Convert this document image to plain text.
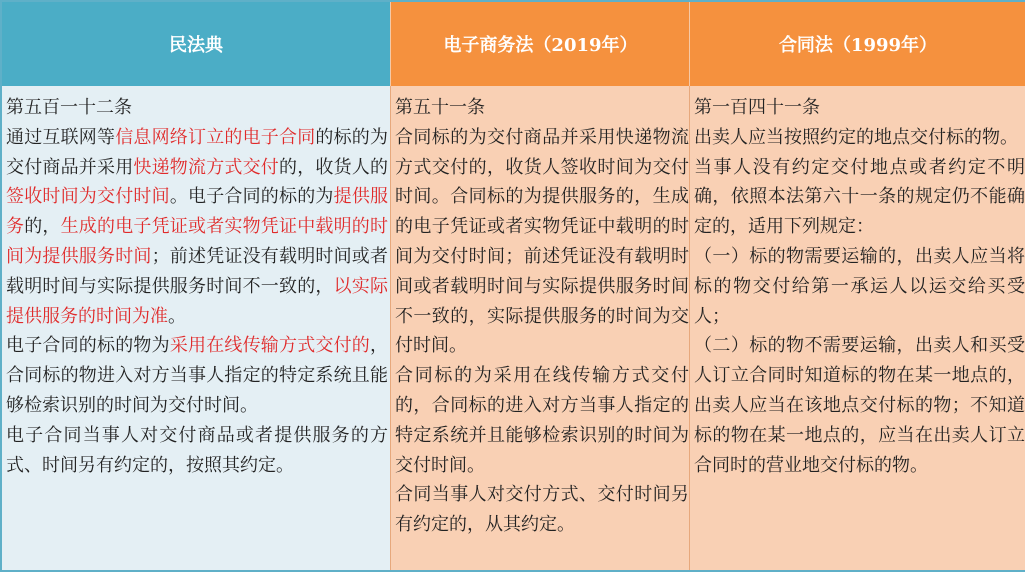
民法典	电子商务法（2019年）	合同法（1999年）
第五百一十二条
通过互联网等信息网络订立的电子合同的标的为交付商品并采用快递物流方式交付的，收货人的签收时间为交付时间。电子合同的标的为提供服务的，生成的电子凭证或者实物凭证中载明的时间为提供服务时间；前述凭证没有载明时间或者载明时间与实际提供服务时间不一致的，以实际提供服务的时间为准。
电子合同的标的物为采用在线传输方式交付的，合同标的物进入对方当事人指定的特定系统且能够检索识别的时间为交付时间。
电子合同当事人对交付商品或者提供服务的方式、时间另有约定的，按照其约定。
第五十一条
合同标的为交付商品并采用快递物流方式交付的，收货人签收时间为交付时间。合同标的为提供服务的，生成的电子凭证或者实物凭证中载明的时间为交付时间；前述凭证没有载明时间或者载明时间与实际提供服务时间不一致的，实际提供服务的时间为交付时间。
合同标的为采用在线传输方式交付的，合同标的进入对方当事人指定的特定系统并且能够检索识别的时间为交付时间。
合同当事人对交付方式、交付时间另有约定的，从其约定。
第一百四十一条
出卖人应当按照约定的地点交付标的物。
当事人没有约定交付地点或者约定不明确，依照本法第六十一条的规定仍不能确定的，适用下列规定：
（一）标的物需要运输的，出卖人应当将标的物交付给第一承运人以运交给买受人；
（二）标的物不需要运输，出卖人和买受人订立合同时知道标的物在某一地点的，出卖人应当在该地点交付标的物；不知道标的物在某一地点的，应当在出卖人订立合同时的营业地交付标的物。
